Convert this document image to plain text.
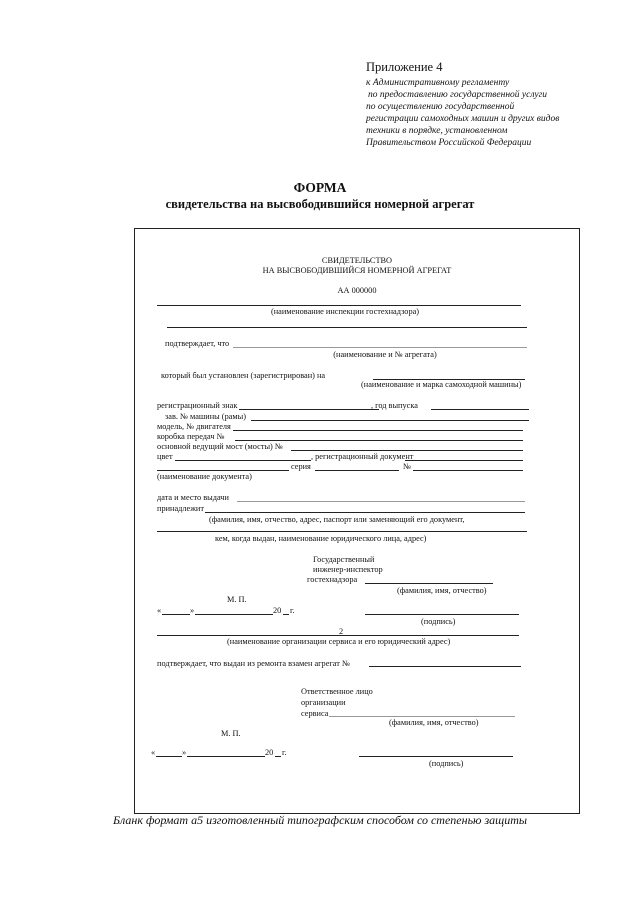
Приложение 4
к Административному регламенту
по предоставлению государственной услуги
по осуществлению государственной
регистрации самоходных машин и других видов
техники в порядке, установленном
Правительством Российской Федерации
ФОРМА
свидетельства на высвободившийся номерной агрегат
СВИДЕТЕЛЬСТВО
НА ВЫСВОБОДИВШИЙСЯ НОМЕРНОЙ АГРЕГАТ
АА 000000
(наименование инспекции гостехнадзора)
подтверждает, что
(наименование и № агрегата)
который был установлен (зарегистрирован) на
(наименование и марка самоходной машины)
регистрационный знак	, год выпуска
зав. № машины (рамы)
модель, № двигателя
коробка передач №
основной ведущий мост (мосты) №
цвет	, регистрационный документ
серия	№
(наименование документа)
дата и место выдачи
принадлежит
(фамилия, имя, отчество, адрес, паспорт или заменяющий его документ,
кем, когда выдан, наименование юридического лица, адрес)
Государственный
инженер-инспектор
гостехнадзора
(фамилия, имя, отчество)
М. П.
«	»	20 г.
(подпись)
2
(наименование организации сервиса и его юридический адрес)
подтверждает, что выдан из ремонта взамен агрегат №
Ответственное лицо
организации
сервиса
(фамилия, имя, отчество)
М. П.
«	»	20 г.
(подпись)
Бланк формат а5 изготовленный типографским способом со степенью защиты
